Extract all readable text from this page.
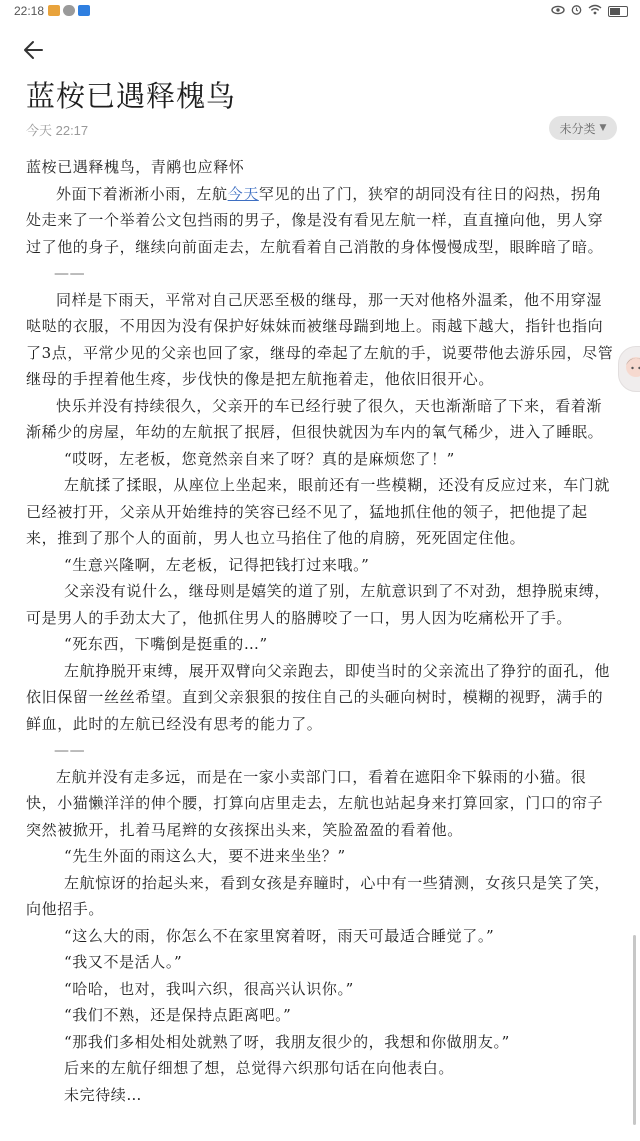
22:18
蓝桉已遇释槐鸟
今天 22:17	未分类 ▼

蓝桉已遇释槐鸟，青鹇也应释怀

外面下着淅淅小雨，左航今天罕见的出了门，狭窄的胡同没有往日的闷热，拐角处走来了一个举着公文包挡雨的男子，像是没有看见左航一样，直直撞向他，男人穿过了他的身子，继续向前面走去，左航看着自己消散的身体慢慢成型，眼眸暗了暗。

——

同样是下雨天，平常对自己厌恶至极的继母，那一天对他格外温柔，他不用穿湿哒哒的衣服，不用因为没有保护好妹妹而被继母踹到地上。雨越下越大，指针也指向了3点，平常少见的父亲也回了家，继母的牵起了左航的手，说要带他去游乐园，尽管继母的手捏着他生疼，步伐快的像是把左航拖着走，他依旧很开心。

快乐并没有持续很久，父亲开的车已经行驶了很久，天也渐渐暗了下来，看着渐渐稀少的房屋，年幼的左航抿了抿唇，但很快就因为车内的氧气稀少，进入了睡眠。

“哎呀，左老板，您竟然亲自来了呀？真的是麻烦您了！”

左航揉了揉眼，从座位上坐起来，眼前还有一些模糊，还没有反应过来，车门就已经被打开，父亲从开始维持的笑容已经不见了，猛地抓住他的领子，把他提了起来，推到了那个人的面前，男人也立马掐住了他的肩膀，死死固定住他。

“生意兴隆啊，左老板，记得把钱打过来哦。”

父亲没有说什么，继母则是嬉笑的道了别，左航意识到了不对劲，想挣脱束缚，可是男人的手劲太大了，他抓住男人的胳膊咬了一口，男人因为吃痛松开了手。

“死东西，下嘴倒是挺重的…”

左航挣脱开束缚，展开双臂向父亲跑去，即使当时的父亲流出了狰狞的面孔，他依旧保留一丝丝希望。直到父亲狠狠的按住自己的头砸向树时，模糊的视野，满手的鲜血，此时的左航已经没有思考的能力了。

——

左航并没有走多远，而是在一家小卖部门口，看着在遮阳伞下躲雨的小猫。很快，小猫懒洋洋的伸个腰，打算向店里走去，左航也站起身来打算回家，门口的帘子突然被掀开，扎着马尾辫的女孩探出头来，笑脸盈盈的看着他。

“先生外面的雨这么大，要不进来坐坐？”

左航惊讶的抬起头来，看到女孩是弃瞳时，心中有一些猜测，女孩只是笑了笑，向他招手。

“这么大的雨，你怎么不在家里窝着呀，雨天可最适合睡觉了。”

“我又不是活人。”

“哈哈，也对，我叫六织，很高兴认识你。”

“我们不熟，还是保持点距离吧。”

“那我们多相处相处就熟了呀，我朋友很少的，我想和你做朋友。”

后来的左航仔细想了想，总觉得六织那句话在向他表白。

未完待续…
